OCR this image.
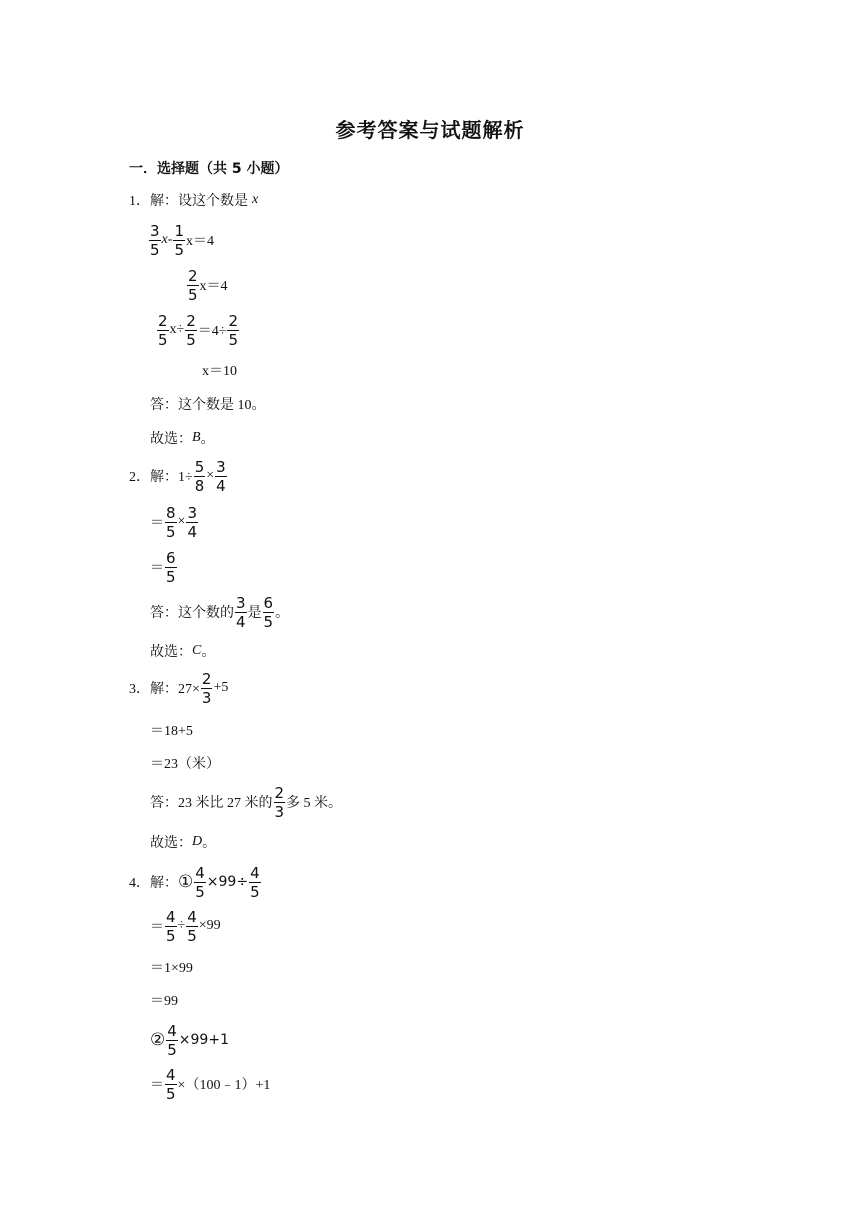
参考答案与试题解析
一．选择题（共 5 小题）
1．解：设这个数是 x
$\frac{3}{5}$ $x - \frac{1}{5} x=4$
$\frac{2}{5} x=4$
$\frac{2}{5} x\div \frac{2}{5} =4\div \frac{2}{5}$
x＝10
答：这个数是 10。
故选： B 。
2．解：$1\div \frac{5}{8} \times \frac{3}{4}$
＝ $\frac{8}{5} \times \frac{3}{4}$
＝ $\frac{6}{5}$
答：这个数的 $\frac{3}{4}$ 是 $\frac{6}{5}$ 。
故选： C 。
3．解：$27\times \frac{2}{3} +5$
＝18+5
＝23（米）
答：23 米比 27 米的 $\frac{2}{3}$ 多 5 米。
故选： D 。
4．解： ① $\frac{4}{5} \times 99\div \frac{4}{5}$
＝ $\frac{4}{5} \div \frac{4}{5} \times 99$
＝1×99
＝99
② $\frac{4}{5} \times 99+1$
＝ $\frac{4}{5}$ ×（100﹣1）+1
